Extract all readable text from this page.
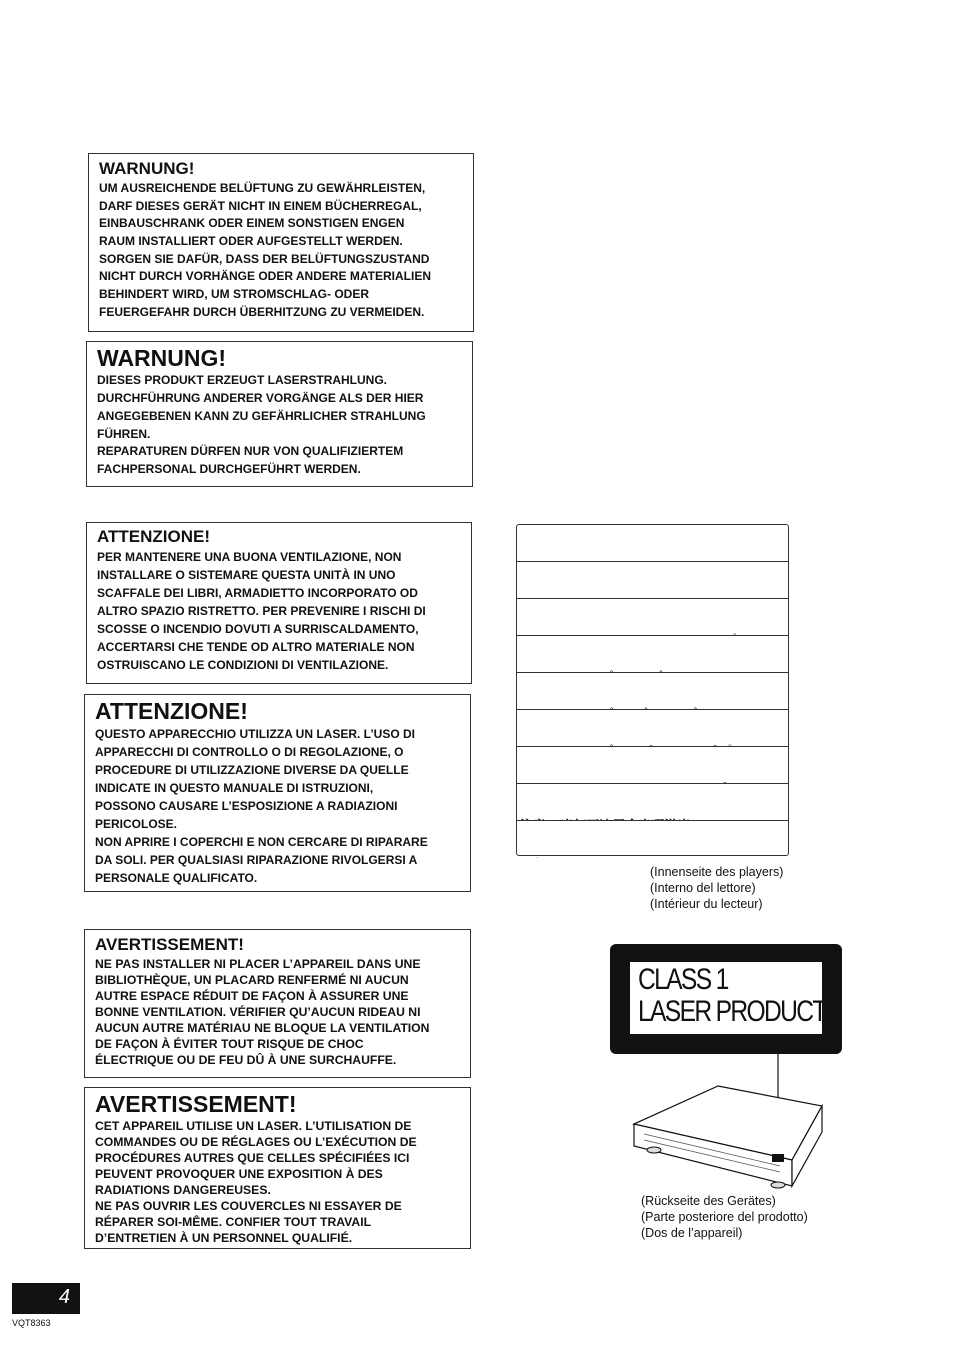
WARNUNG!
UM AUSREICHENDE BELÜFTUNG ZU GEWÄHRLEISTEN,
DARF DIESES GERÄT NICHT IN EINEM BÜCHERREGAL,
EINBAUSCHRANK ODER EINEM SONSTIGEN ENGEN
RAUM INSTALLIERT ODER AUFGESTELLT WERDEN.
SORGEN SIE DAFÜR, DASS DER BELÜFTUNGSZUSTAND
NICHT DURCH VORHÄNGE ODER ANDERE MATERIALIEN
BEHINDERT WIRD, UM STROMSCHLAG- ODER
FEUERGEFAHR DURCH ÜBERHITZUNG ZU VERMEIDEN.
WARNUNG!
DIESES PRODUKT ERZEUGT LASERSTRAHLUNG.
DURCHFÜHRUNG ANDERER VORGÄNGE ALS DER HIER
ANGEGEBENEN KANN ZU GEFÄHRLICHER STRAHLUNG
FÜHREN.
REPARATUREN DÜRFEN NUR VON QUALIFIZIERTEM
FACHPERSONAL DURCHGEFÜHRT WERDEN.
ATTENZIONE!
PER MANTENERE UNA BUONA VENTILAZIONE, NON
INSTALLARE O SISTEMARE QUESTA UNITÀ IN UNO
SCAFFALE DEI LIBRI, ARMADIETTO INCORPORATO OD
ALTRO SPAZIO RISTRETTO. PER PREVENIRE I RISCHI DI
SCOSSE O INCENDIO DOVUTI A SURRISCALDAMENTO,
ACCERTARSI CHE TENDE OD ALTRO MATERIALE NON
OSTRUISCANO LE CONDIZIONI DI VENTILAZIONE.
ATTENZIONE!
QUESTO APPARECCHIO UTILIZZA UN LASER. L’USO DI
APPARECCHI DI CONTROLLO O DI REGOLAZIONE, O
PROCEDURE DI UTILIZZAZIONE DIVERSE DA QUELLE
INDICATE IN QUESTO MANUALE DI ISTRUZIONI,
POSSONO CAUSARE L’ESPOSIZIONE A RADIAZIONI
PERICOLOSE.
NON APRIRE I COPERCHI E NON CERCARE DI RIPARARE
DA SOLI. PER QUALSIASI RIPARAZIONE RIVOLGERSI A
PERSONALE QUALIFICATO.
AVERTISSEMENT!
NE PAS INSTALLER NI PLACER L’APPAREIL DANS UNE
BIBLIOTHÈQUE, UN PLACARD RENFERMÉ NI AUCUN
AUTRE ESPACE RÉDUIT DE FAÇON À ASSURER UNE
BONNE VENTILATION. VÉRIFIER QU’AUCUN RIDEAU NI
AUCUN AUTRE MATÉRIAU NE BLOQUE LA VENTILATION
DE FAÇON À ÉVITER TOUT RISQUE DE CHOC
ÉLECTRIQUE OU DE FEU DÛ À UNE SURCHAUFFE.
AVERTISSEMENT!
CET APPAREIL UTILISE UN LASER. L’UTILISATION DE
COMMANDES OU DE RÉGLAGES OU L’EXÉCUTION DE
PROCÉDURES AUTRES QUE CELLES SPÉCIFIÉES ICI
PEUVENT PROVOQUER UNE EXPOSITION À DES
RADIATIONS DANGEREUSES.
NE PAS OUVRIR LES COUVERCLES NI ESSAYER DE
RÉPARER SOI-MÊME. CONFIER TOUT TRAVAIL
D’ENTRETIEN À UN PERSONNEL QUALIFIÉ.

(Innenseite des players)
(Interno del lettore)
(Intérieur du lecteur)
CLASS 1
LASER PRODUCT
(Rückseite des Gerätes)
(Parte posteriore del prodotto)
(Dos de l’appareil)
4
VQT8363
